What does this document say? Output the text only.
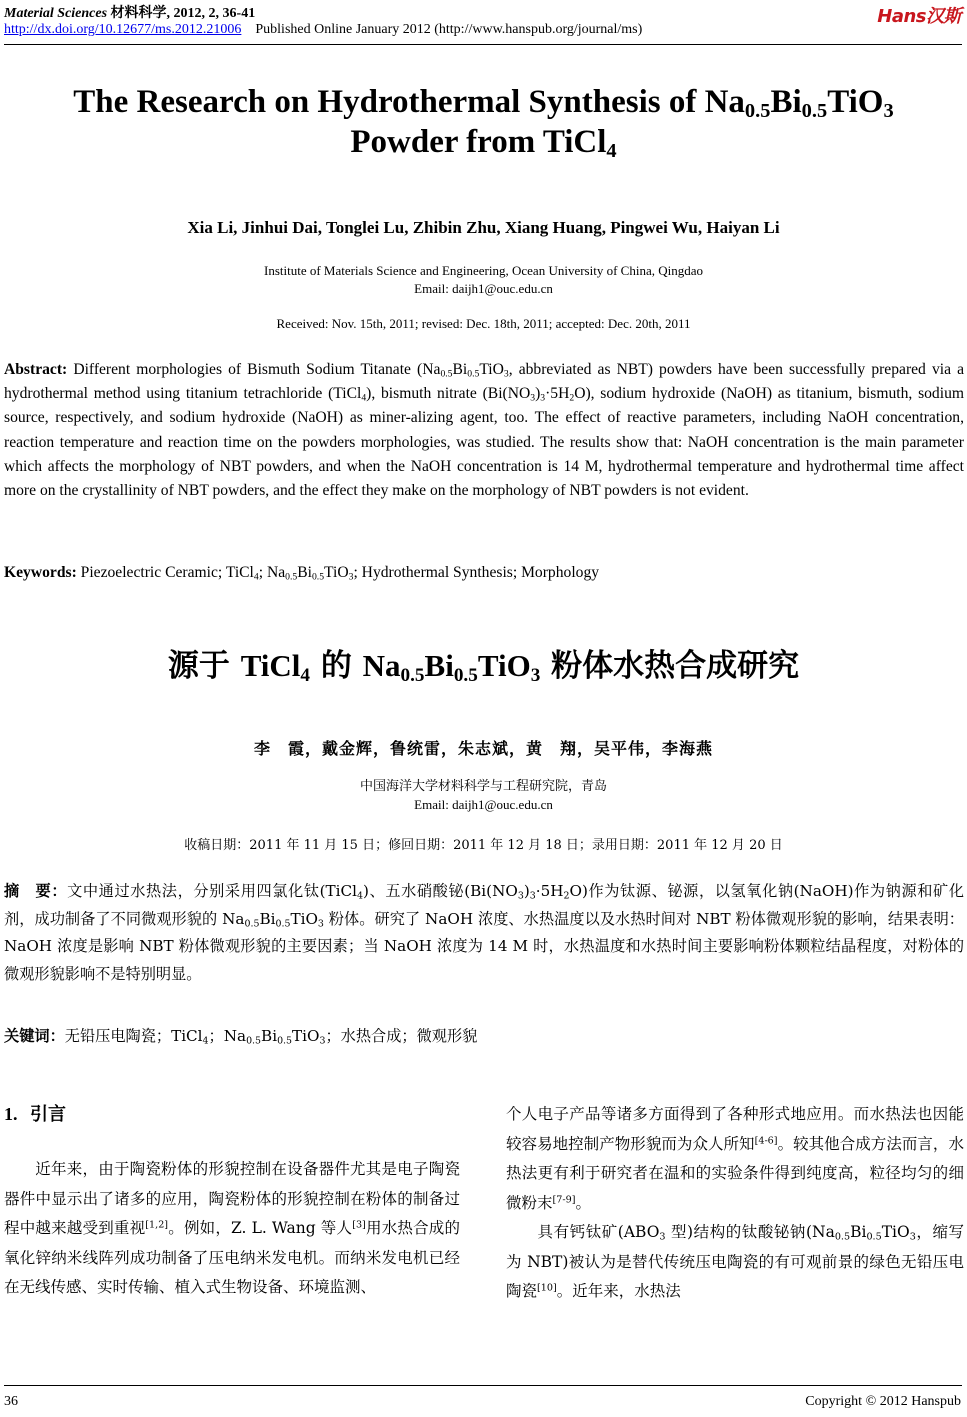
Material Sciences 材料科学, 2012, 2, 36-41	Hans汉斯
http://dx.doi.org/10.12677/ms.2012.21006 Published Online January 2012 (http://www.hanspub.org/journal/ms)
The Research on Hydrothermal Synthesis of $Na_{0.5}Bi_{0.5}TiO_3$
Powder from TiCl$_4$
Xia Li, Jinhui Dai, Tonglei Lu, Zhibin Zhu, Xiang Huang, Pingwei Wu, Haiyan Li
Institute of Materials Science and Engineering, Ocean University of China, Qingdao
Email: daijh1@ouc.edu.cn
Received: Nov. 15th, 2011; revised: Dec. 18th, 2011; accepted: Dec. 20th, 2011
Abstract: Different morphologies of Bismuth Sodium Titanate ($Na_{0.5}Bi_{0.5}TiO_3$, abbreviated as NBT) powders have been successfully prepared via a hydrothermal method using titanium tetrachloride (TiCl$_4$), bismuth nitrate $(Bi(NO_3)_3\cdot 5H_2O)$, sodium hydroxide (NaOH) as titanium, bismuth, sodium source, respectively, and sodium hydroxide (NaOH) as miner-alizing agent, too. The effect of reactive parameters, including NaOH concentration, reaction temperature and reaction time on the powders morphologies, was studied. The results show that: NaOH concentration is the main parameter which affects the morphology of NBT powders, and when the NaOH concentration is 14 M, hydrothermal temperature and hydrothermal time affect more on the crystallinity of NBT powders, and the effect they make on the morphology of NBT powders is not evident.
Keywords: Piezoelectric Ceramic; TiCl$_4$; $Na_{0.5}Bi_{0.5}TiO_3$; Hydrothermal Synthesis; Morphology
源于 TiCl$_4$ 的 $Na_{0.5}Bi_{0.5}TiO_3$ 粉体水热合成研究
李　霞，戴金辉，鲁统雷，朱志斌，黄　翔，吴平伟，李海燕
中国海洋大学材料科学与工程研究院，青岛
Email: daijh1@ouc.edu.cn
收稿日期：2011 年 11 月 15 日；修回日期：2011 年 12 月 18 日；录用日期：2011 年 12 月 20 日
摘　要：文中通过水热法，分别采用四氯化钛(TiCl$_4$)、五水硝酸铋$(Bi(NO_3)_3\cdot 5H_2O)$作为钛源、铋源，以氢氧化钠(NaOH)作为钠源和矿化剂，成功制备了不同微观形貌的 $Na_{0.5}Bi_{0.5}TiO_3$ 粉体。研究了 NaOH 浓度、水热温度以及水热时间对 NBT 粉体微观形貌的影响，结果表明：NaOH 浓度是影响 NBT 粉体微观形貌的主要因素；当 NaOH 浓度为 14 M 时，水热温度和水热时间主要影响粉体颗粒结晶程度，对粉体的微观形貌影响不是特别明显。
关键词：无铅压电陶瓷；TiCl$_4$；$Na_{0.5}Bi_{0.5}TiO_3$；水热合成；微观形貌
1. 引言
  近年来，由于陶瓷粉体的形貌控制在设备器件尤其是电子陶瓷器件中显示出了诸多的应用，陶瓷粉体的形貌控制在粉体的制备过程中越来越受到重视[1,2]。例如，Z. L. Wang 等人[3]用水热合成的氧化锌纳米线阵列成功制备了压电纳米发电机。而纳米发电机已经在无线传感、实时传输、植入式生物设备、环境监测、
个人电子产品等诸多方面得到了各种形式地应用。而水热法也因能较容易地控制产物形貌而为众人所知[4-6]。较其他合成方法而言，水热法更有利于研究者在温和的实验条件得到纯度高，粒径均匀的细微粉末[7-9]。
  具有钙钛矿($ABO_3$ 型)结构的钛酸铋钠($Na_{0.5}Bi_{0.5}TiO_3$，缩写为 NBT)被认为是替代传统压电陶瓷的有可观前景的绿色无铅压电陶瓷[10]。近年来，水热法
36	Copyright © 2012 Hanspub
